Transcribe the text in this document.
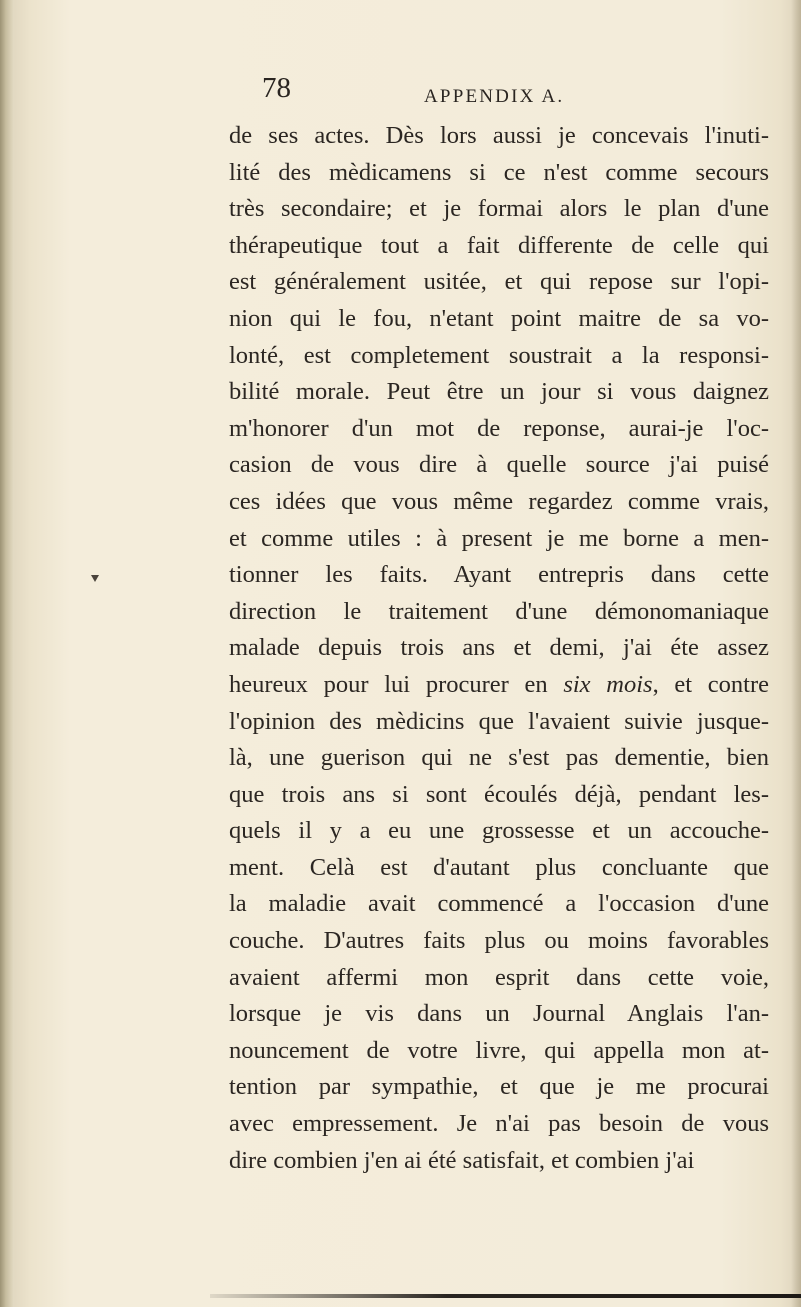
78	APPENDIX A.
de ses actes. Dès lors aussi je concevais l'inuti-
lité des mèdicamens si ce n'est comme secours
très secondaire; et je formai alors le plan d'une
thérapeutique tout a fait differente de celle qui
est généralement usitée, et qui repose sur l'opi-
nion qui le fou, n'etant point maitre de sa vo-
lonté, est completement soustrait a la responsi-
bilité morale. Peut être un jour si vous daignez
m'honorer d'un mot de reponse, aurai-je l'oc-
casion de vous dire à quelle source j'ai puisé
ces idées que vous même regardez comme vrais,
et comme utiles : à present je me borne a men-
tionner les faits. Ayant entrepris dans cette
direction le traitement d'une démonomaniaque
malade depuis trois ans et demi, j'ai éte assez
heureux pour lui procurer en six mois, et contre
l'opinion des mèdicins que l'avaient suivie jusque-
là, une guerison qui ne s'est pas dementie, bien
que trois ans si sont écoulés déjà, pendant les-
quels il y a eu une grossesse et un accouche-
ment. Celà est d'autant plus concluante que
la maladie avait commencé a l'occasion d'une
couche. D'autres faits plus ou moins favorables
avaient affermi mon esprit dans cette voie,
lorsque je vis dans un Journal Anglais l'an-
nouncement de votre livre, qui appella mon at-
tention par sympathie, et que je me procurai
avec empressement. Je n'ai pas besoin de vous
dire combien j'en ai été satisfait, et combien j'ai
